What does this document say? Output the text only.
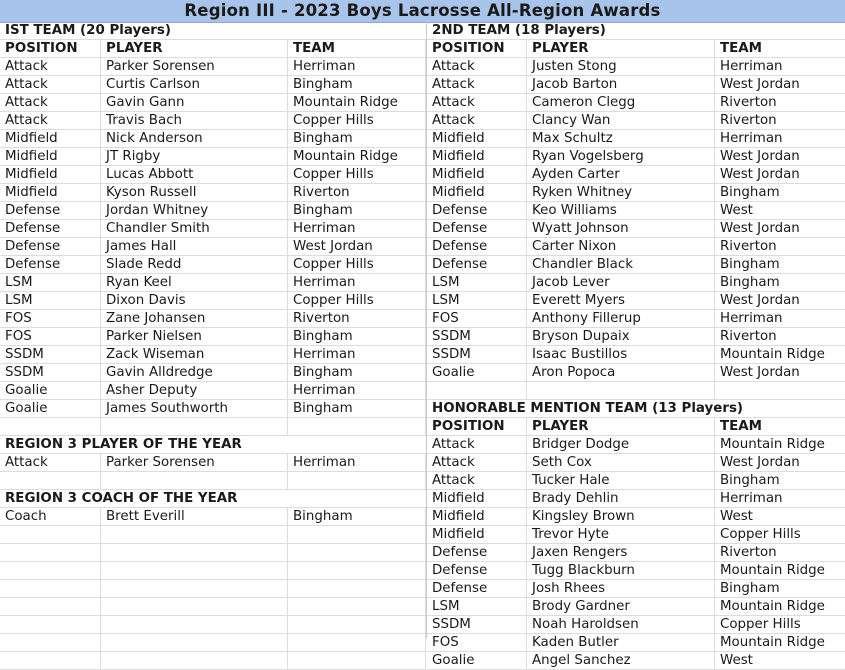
Region III - 2023 Boys Lacrosse All-Region Awards
IST TEAM (20 Players)
POSITION	PLAYER	TEAM
Attack	Parker Sorensen	Herriman
Attack	Curtis Carlson	Bingham
Attack	Gavin Gann	Mountain Ridge
Attack	Travis Bach	Copper Hills
Midfield	Nick Anderson	Bingham
Midfield	JT Rigby	Mountain Ridge
Midfield	Lucas Abbott	Copper Hills
Midfield	Kyson Russell	Riverton
Defense	Jordan Whitney	Bingham
Defense	Chandler Smith	Herriman
Defense	James Hall	West Jordan
Defense	Slade Redd	Copper Hills
LSM	Ryan Keel	Herriman
LSM	Dixon Davis	Copper Hills
FOS	Zane Johansen	Riverton
FOS	Parker Nielsen	Bingham
SSDM	Zack Wiseman	Herriman
SSDM	Gavin Alldredge	Bingham
Goalie	Asher Deputy	Herriman
Goalie	James Southworth	Bingham
REGION 3 PLAYER OF THE YEAR
Attack	Parker Sorensen	Herriman
REGION 3 COACH OF THE YEAR
Coach	Brett Everill	Bingham
2ND TEAM (18 Players)
POSITION	PLAYER	TEAM
Attack	Justen Stong	Herriman
Attack	Jacob Barton	West Jordan
Attack	Cameron Clegg	Riverton
Attack	Clancy Wan	Riverton
Midfield	Max Schultz	Herriman
Midfield	Ryan Vogelsberg	West Jordan
Midfield	Ayden Carter	West Jordan
Midfield	Ryken Whitney	Bingham
Defense	Keo Williams	West
Defense	Wyatt Johnson	West Jordan
Defense	Carter Nixon	Riverton
Defense	Chandler Black	Bingham
LSM	Jacob Lever	Bingham
LSM	Everett Myers	West Jordan
FOS	Anthony Fillerup	Herriman
SSDM	Bryson Dupaix	Riverton
SSDM	Isaac Bustillos	Mountain Ridge
Goalie	Aron Popoca	West Jordan
HONORABLE MENTION TEAM (13 Players)
POSITION	PLAYER	TEAM
Attack	Bridger Dodge	Mountain Ridge
Attack	Seth Cox	West Jordan
Attack	Tucker Hale	Bingham
Midfield	Brady Dehlin	Herriman
Midfield	Kingsley Brown	West
Midfield	Trevor Hyte	Copper Hills
Defense	Jaxen Rengers	Riverton
Defense	Tugg Blackburn	Mountain Ridge
Defense	Josh Rhees	Bingham
LSM	Brody Gardner	Mountain Ridge
SSDM	Noah Haroldsen	Copper Hills
FOS	Kaden Butler	Mountain Ridge
Goalie	Angel Sanchez	West
